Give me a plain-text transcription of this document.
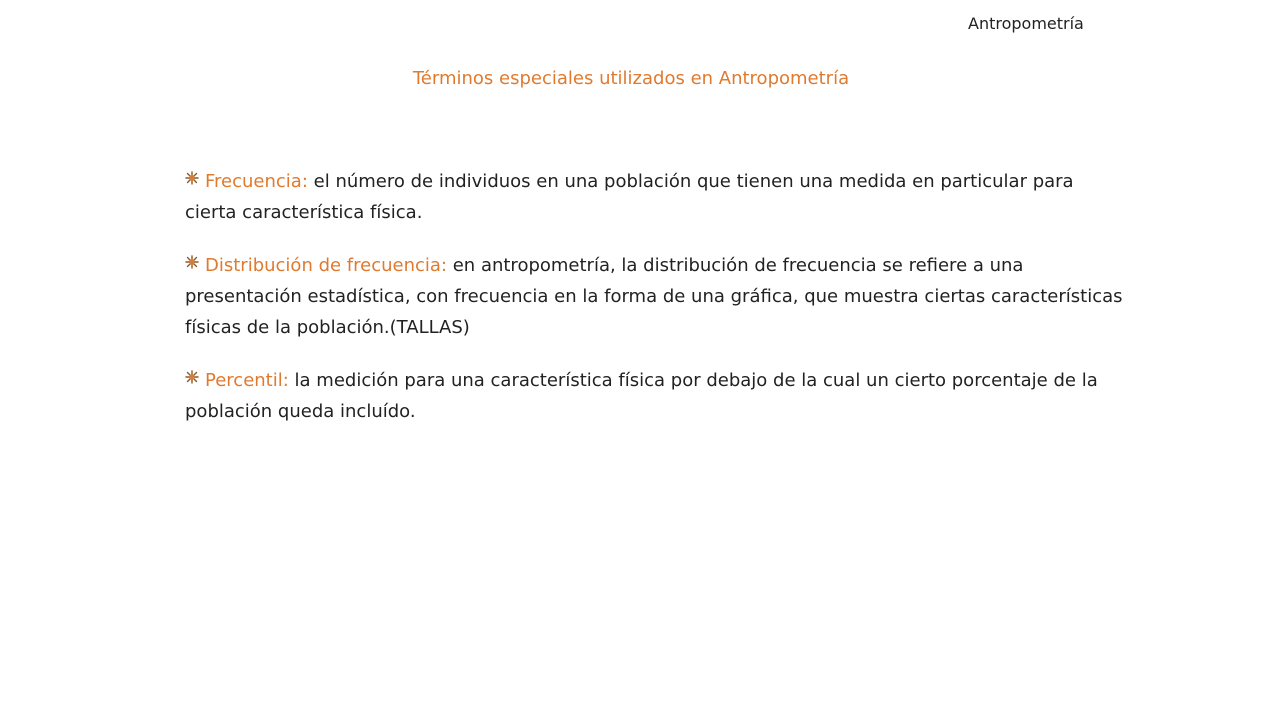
Antropometría
Términos especiales utilizados en Antropometría
Frecuencia: el número de individuos en una población que tienen una medida en particular para cierta característica física.
Distribución de frecuencia: en antropometría, la distribución de frecuencia se refiere a una presentación estadística, con frecuencia en la forma de una gráfica, que muestra ciertas características físicas de la población.(TALLAS)
Percentil: la medición para una característica física por debajo de la cual un cierto porcentaje de la población queda incluído.
